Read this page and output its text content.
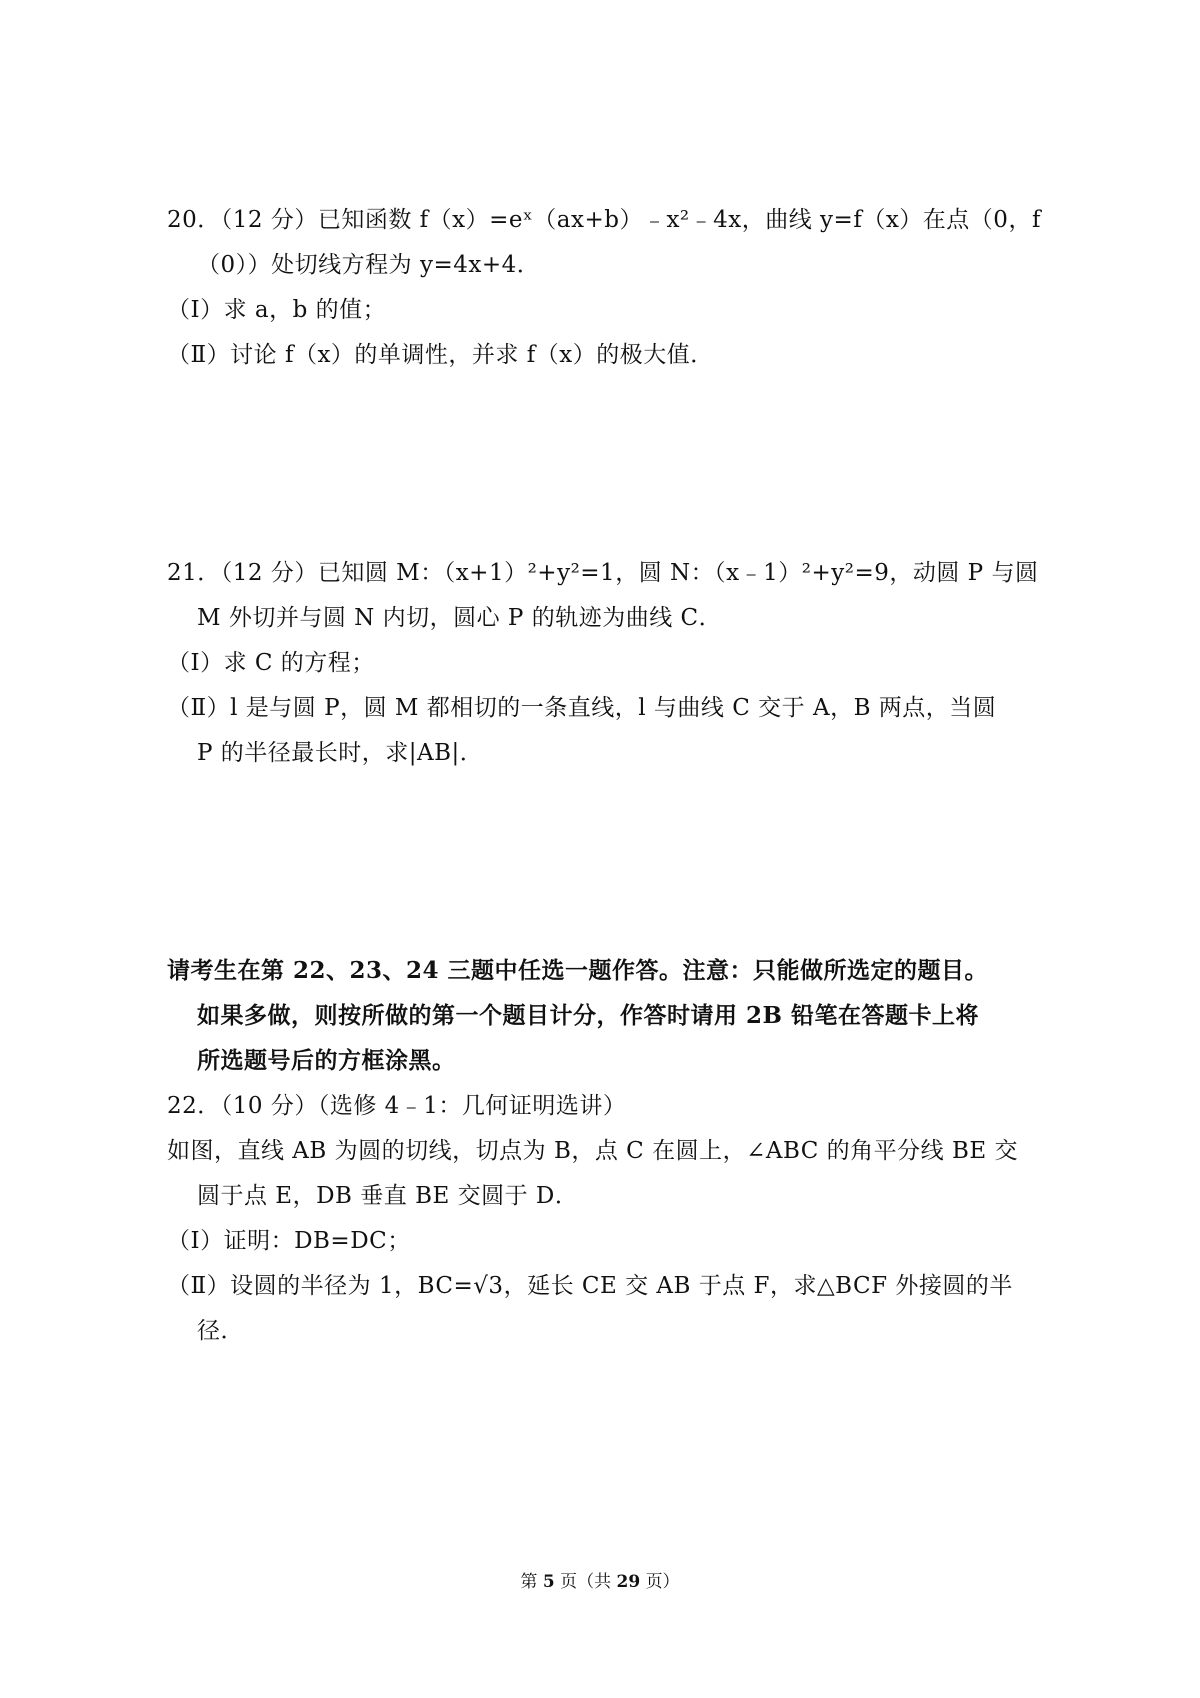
20．（12 分）已知函数 f（x）=eˣ（ax+b）﹣x²﹣4x，曲线 y=f（x）在点（0，f
（0））处切线方程为 y=4x+4．
（Ⅰ）求 a，b 的值；
（Ⅱ）讨论 f（x）的单调性，并求 f（x）的极大值．
21．（12 分）已知圆 M：（x+1）²+y²=1，圆 N：（x﹣1）²+y²=9，动圆 P 与圆
M 外切并与圆 N 内切，圆心 P 的轨迹为曲线 C．
（Ⅰ）求 C 的方程；
（Ⅱ）l 是与圆 P，圆 M 都相切的一条直线，l 与曲线 C 交于 A，B 两点，当圆
P 的半径最长时，求|AB|．
请考生在第 22、23、24 三题中任选一题作答。注意：只能做所选定的题目。
如果多做，则按所做的第一个题目计分，作答时请用 2B 铅笔在答题卡上将
所选题号后的方框涂黑。
22．（10 分）（选修 4﹣1：几何证明选讲）
如图，直线 AB 为圆的切线，切点为 B，点 C 在圆上，∠ABC 的角平分线 BE 交
圆于点 E，DB 垂直 BE 交圆于 D．
（Ⅰ）证明：DB=DC；
（Ⅱ）设圆的半径为 1，BC=√3，延长 CE 交 AB 于点 F，求△BCF 外接圆的半
径．
第 5 页（共 29 页）
